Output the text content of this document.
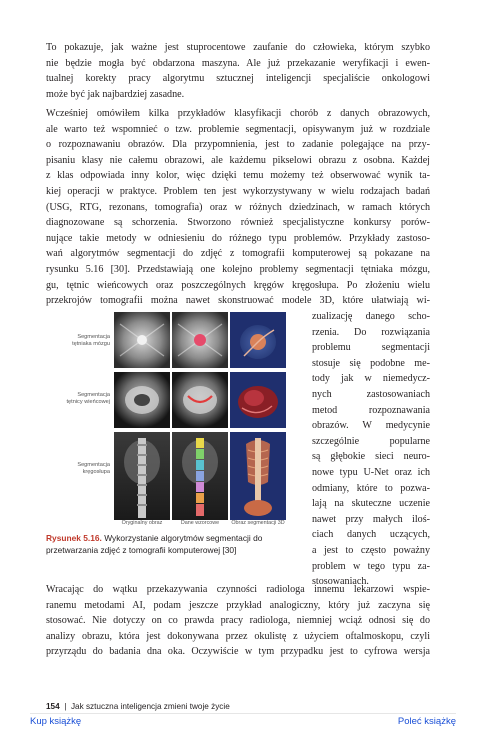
To pokazuje, jak ważne jest stuprocentowe zaufanie do człowieka, którym szybko
nie będzie mogła być obdarzona maszyna. Ale już przekazanie weryfikacji i ewen-
tualnej korekty pracy algorytmu sztucznej inteligencji specjaliście onkologowi
może być jak najbardziej zasadne.
Wcześniej omówiłem kilka przykładów klasyfikacji chorób z danych obrazowych,
ale warto też wspomnieć o tzw. problemie segmentacji, opisywanym już w rozdziale
o rozpoznawaniu obrazów. Dla przypomnienia, jest to zadanie polegające na przy-
pisaniu klasy nie całemu obrazowi, ale każdemu pikselowi obrazu z osobna. Każdej
z klas odpowiada inny kolor, więc dzięki temu możemy też obserwować wynik ta-
kiej operacji w praktyce. Problem ten jest wykorzystywany w wielu rodzajach badań
(USG, RTG, rezonans, tomografia) oraz w różnych dziedzinach, w ramach których
diagnozowane są schorzenia. Stworzono również specjalistyczne konkursy porów-
nujące takie metody w odniesieniu do różnego typu problemów. Przykłady zastoso-
wań algorytmów segmentacji do zdjęć z tomografii komputerowej są pokazane na
rysunku 5.16 [30]. Przedstawiają one kolejno problemy segmentacji tętniaka mózgu,
gu, tętnic wieńcowych oraz poszczególnych kręgów kręgosłupa. Po złożeniu wielu
przekrojów tomografii można nawet skonstruować modele 3D, które ułatwiają wi-
zualizację danego scho-
rzenia. Do rozwiązania
problemu segmentacji
stosuje się podobne me-
tody jak w niemedycz-
nych zastosowaniach
metod rozpoznawania
obrazów. W medycynie
szczególnie popularne
są głębokie sieci neuro-
nowe typu U-Net oraz ich
odmiany, które to pozwa-
lają na skuteczne uczenie
nawet przy małych iloś-
ciach danych uczących,
a jest to często poważny
problem w tego typu za-
stosowaniach.
Segmentacja
tętniaka mózgu
Segmentacja
tętnicy wieńcowej
Segmentacja
kręgosłupa
Oryginalny obraz	Dane wzorcowe	Obraz segmentacji 3D
Rysunek 5.16. Wykorzystanie algorytmów segmentacji do przetwarzania zdjęć z tomografii komputerowej [30]
Wracając do wątku przekazywania czynności radiologa innemu lekarzowi wspie-
ranemu metodami AI, podam jeszcze przykład analogiczny, który już zaczyna się
stosować. Nie dotyczy on co prawda pracy radiologa, niemniej wciąż odnosi się do
analizy obrazu, która jest dokonywana przez okulistę z użyciem oftalmoskopu, czyli
przyrządu do badania dna oka. Oczywiście w tym przypadku jest to cyfrowa wersja
154 | Jak sztuczna inteligencja zmieni twoje życie
Kup książkę	Poleć książkę
